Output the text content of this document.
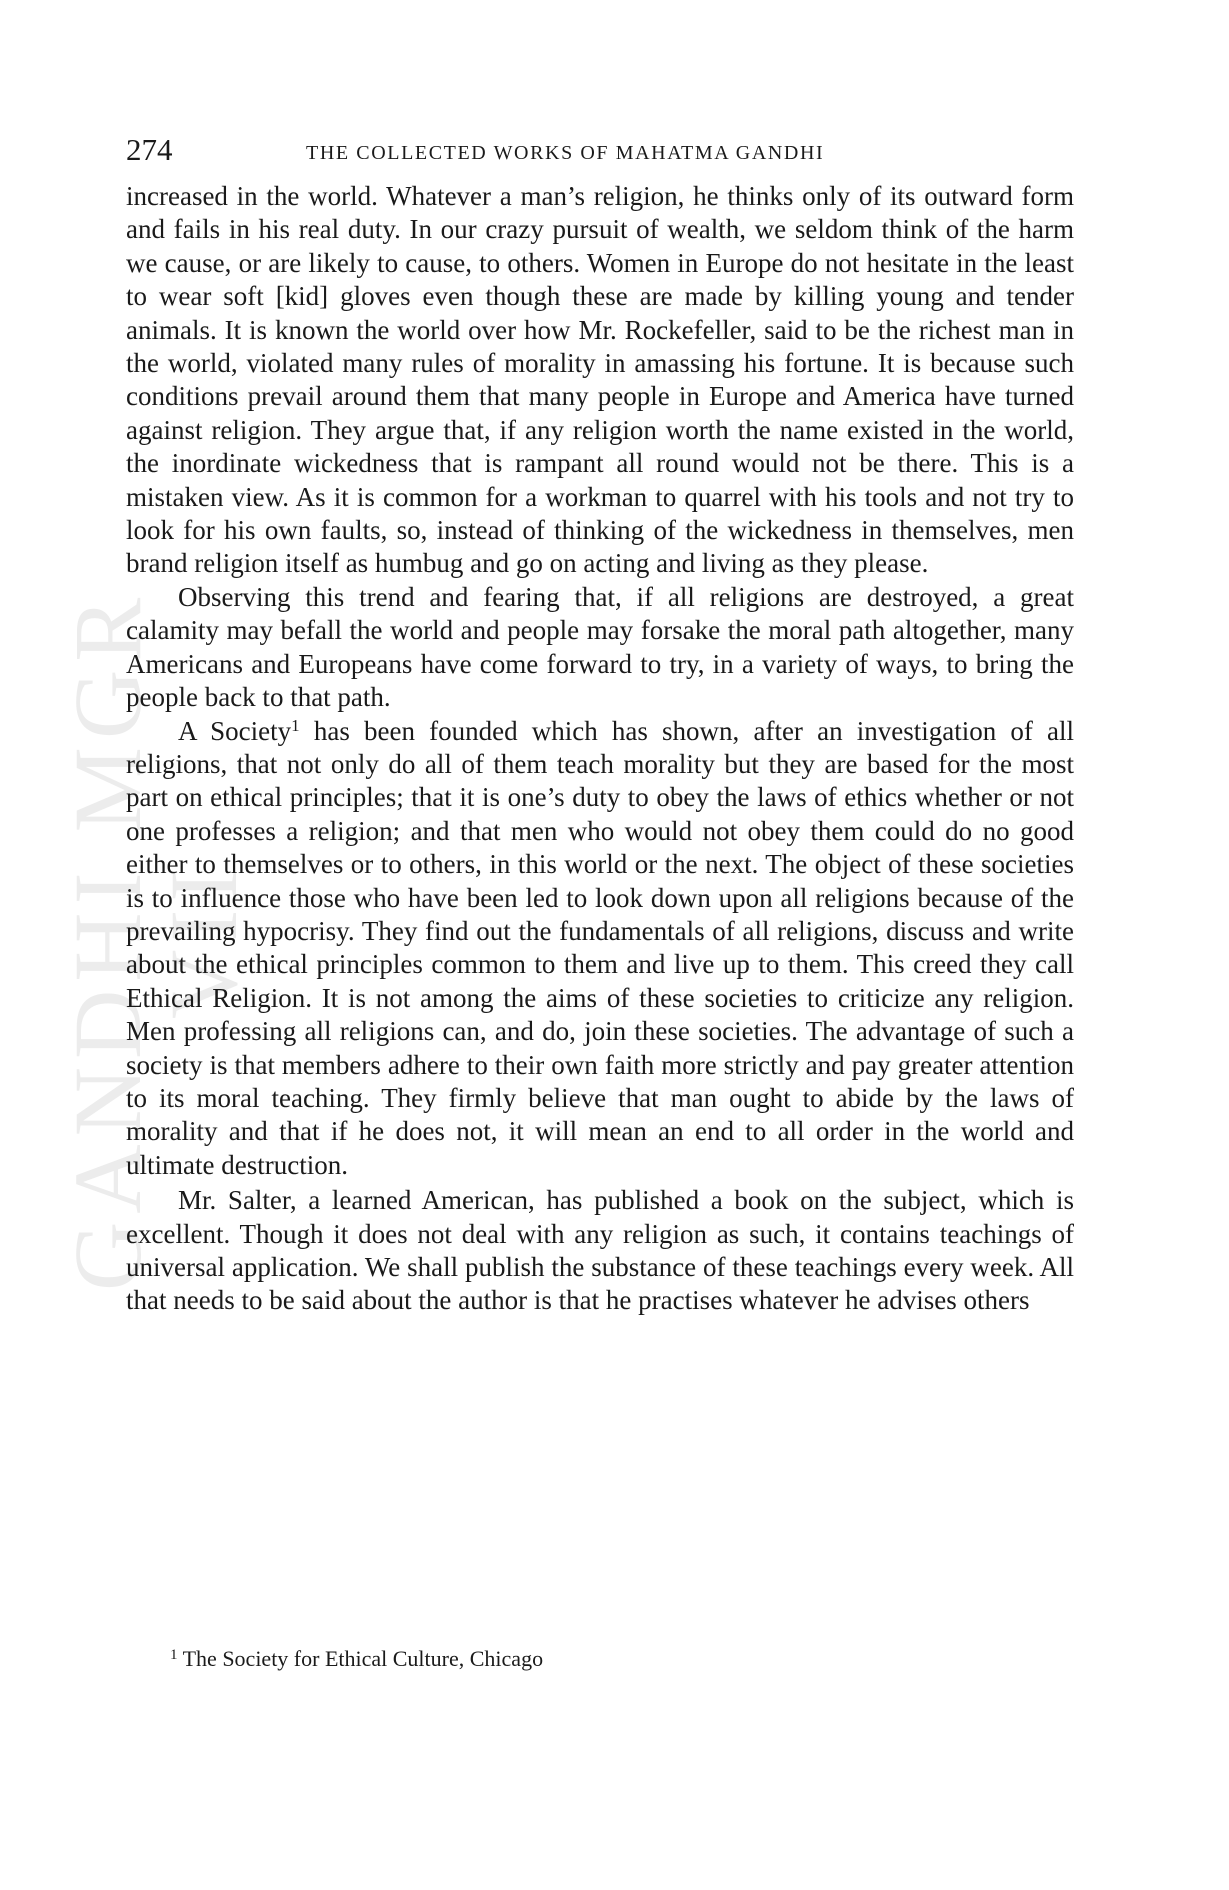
GANDHI MGR VII
274	THE COLLECTED WORKS OF MAHATMA GANDHI

increased in the world. Whatever a man’s religion, he thinks only of its outward form and fails in his real duty. In our crazy pursuit of wealth, we seldom think of the harm we cause, or are likely to cause, to others. Women in Europe do not hesitate in the least to wear soft [kid] gloves even though these are made by killing young and tender animals. It is known the world over how Mr. Rockefeller, said to be the richest man in the world, violated many rules of morality in amassing his fortune. It is because such conditions prevail around them that many people in Europe and America have turned against religion. They argue that, if any religion worth the name existed in the world, the inordinate wickedness that is rampant all round would not be there. This is a mistaken view. As it is common for a workman to quarrel with his tools and not try to look for his own faults, so, instead of thinking of the wickedness in themselves, men brand religion itself as humbug and go on acting and living as they please.

Observing this trend and fearing that, if all religions are destroyed, a great calamity may befall the world and people may forsake the moral path altogether, many Americans and Europeans have come forward to try, in a variety of ways, to bring the people back to that path.

A Society$^1$ has been founded which has shown, after an investigation of all religions, that not only do all of them teach morality but they are based for the most part on ethical principles; that it is one’s duty to obey the laws of ethics whether or not one professes a religion; and that men who would not obey them could do no good either to themselves or to others, in this world or the next. The object of these societies is to influence those who have been led to look down upon all religions because of the prevailing hypocrisy. They find out the fundamentals of all religions, discuss and write about the ethical principles common to them and live up to them. This creed they call Ethical Religion. It is not among the aims of these societies to criticize any religion. Men professing all religions can, and do, join these societies. The advantage of such a society is that members adhere to their own faith more strictly and pay greater attention to its moral teaching. They firmly believe that man ought to abide by the laws of morality and that if he does not, it will mean an end to all order in the world and ultimate destruction.

Mr. Salter, a learned American, has published a book on the subject, which is excellent. Though it does not deal with any religion as such, it contains teachings of universal application. We shall publish the substance of these teachings every week. All that needs to be said about the author is that he practises whatever he advises others

$^1$ The Society for Ethical Culture, Chicago
